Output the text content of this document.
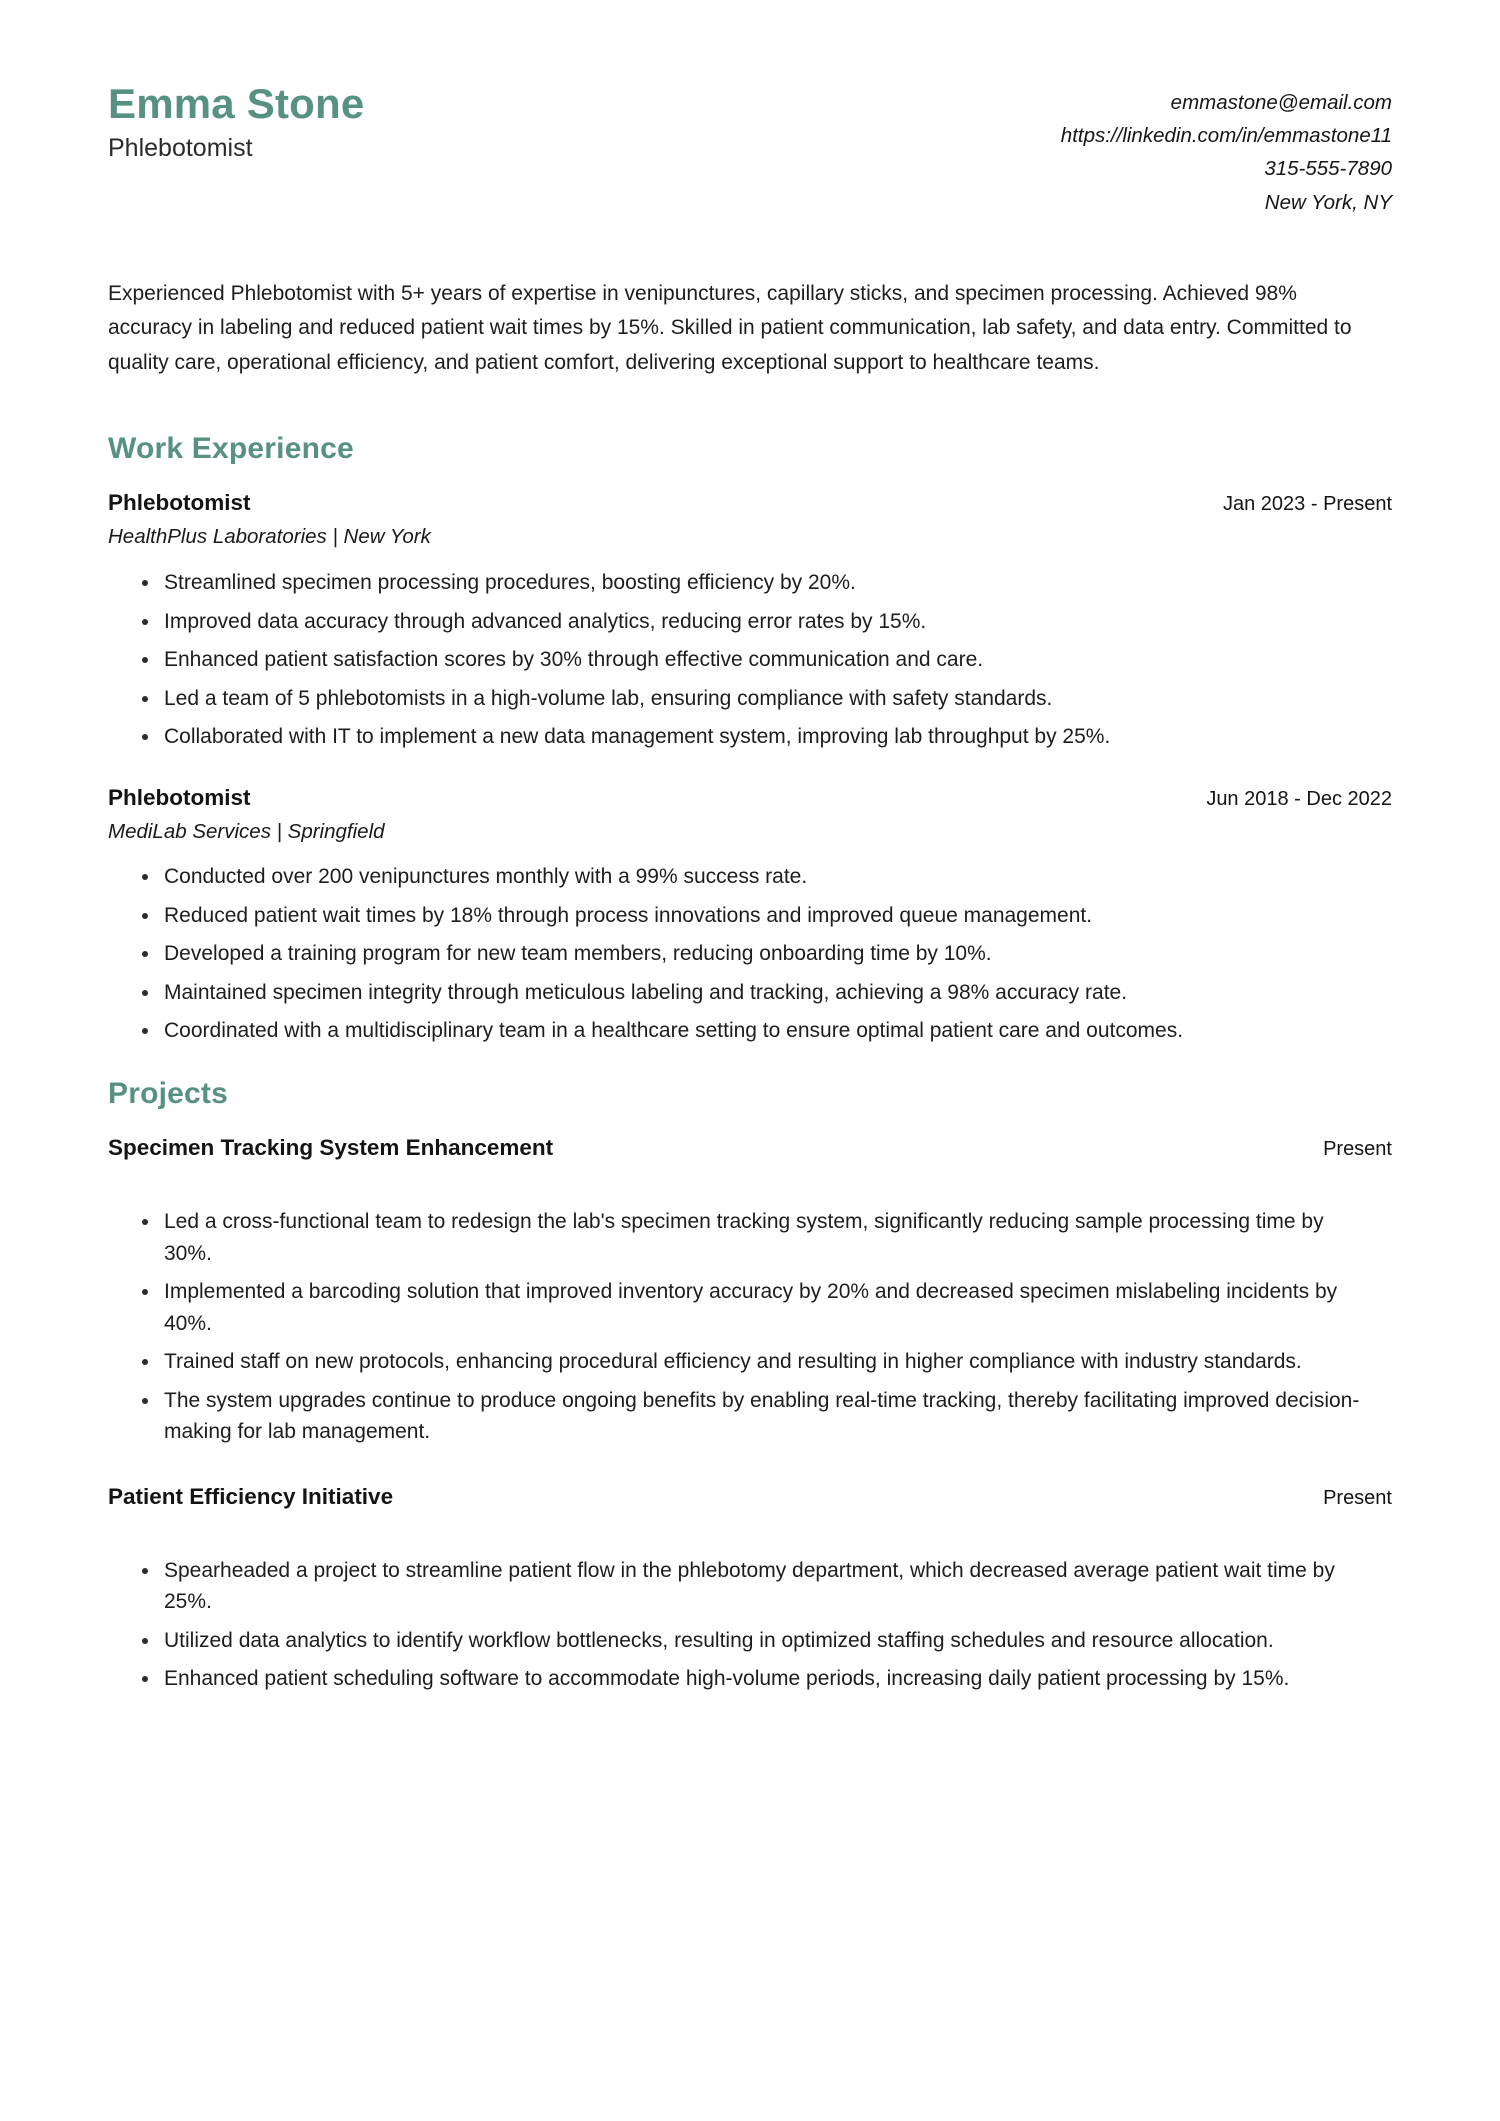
Emma Stone
Phlebotomist
emmastone@email.com
https://linkedin.com/in/emmastone11
315-555-7890
New York, NY

Experienced Phlebotomist with 5+ years of expertise in venipunctures, capillary sticks, and specimen processing. Achieved 98% accuracy in labeling and reduced patient wait times by 15%. Skilled in patient communication, lab safety, and data entry. Committed to quality care, operational efficiency, and patient comfort, delivering exceptional support to healthcare teams.

Work Experience
Phlebotomist	Jan 2023 - Present
HealthPlus Laboratories | New York
Streamlined specimen processing procedures, boosting efficiency by 20%.
Improved data accuracy through advanced analytics, reducing error rates by 15%.
Enhanced patient satisfaction scores by 30% through effective communication and care.
Led a team of 5 phlebotomists in a high-volume lab, ensuring compliance with safety standards.
Collaborated with IT to implement a new data management system, improving lab throughput by 25%.
Phlebotomist	Jun 2018 - Dec 2022
MediLab Services | Springfield
Conducted over 200 venipunctures monthly with a 99% success rate.
Reduced patient wait times by 18% through process innovations and improved queue management.
Developed a training program for new team members, reducing onboarding time by 10%.
Maintained specimen integrity through meticulous labeling and tracking, achieving a 98% accuracy rate.
Coordinated with a multidisciplinary team in a healthcare setting to ensure optimal patient care and outcomes.
Projects
Specimen Tracking System Enhancement	Present
Led a cross-functional team to redesign the lab's specimen tracking system, significantly reducing sample processing time by 30%.
Implemented a barcoding solution that improved inventory accuracy by 20% and decreased specimen mislabeling incidents by 40%.
Trained staff on new protocols, enhancing procedural efficiency and resulting in higher compliance with industry standards.
The system upgrades continue to produce ongoing benefits by enabling real-time tracking, thereby facilitating improved decision-making for lab management.
Patient Efficiency Initiative	Present
Spearheaded a project to streamline patient flow in the phlebotomy department, which decreased average patient wait time by 25%.
Utilized data analytics to identify workflow bottlenecks, resulting in optimized staffing schedules and resource allocation.
Enhanced patient scheduling software to accommodate high-volume periods, increasing daily patient processing by 15%.
